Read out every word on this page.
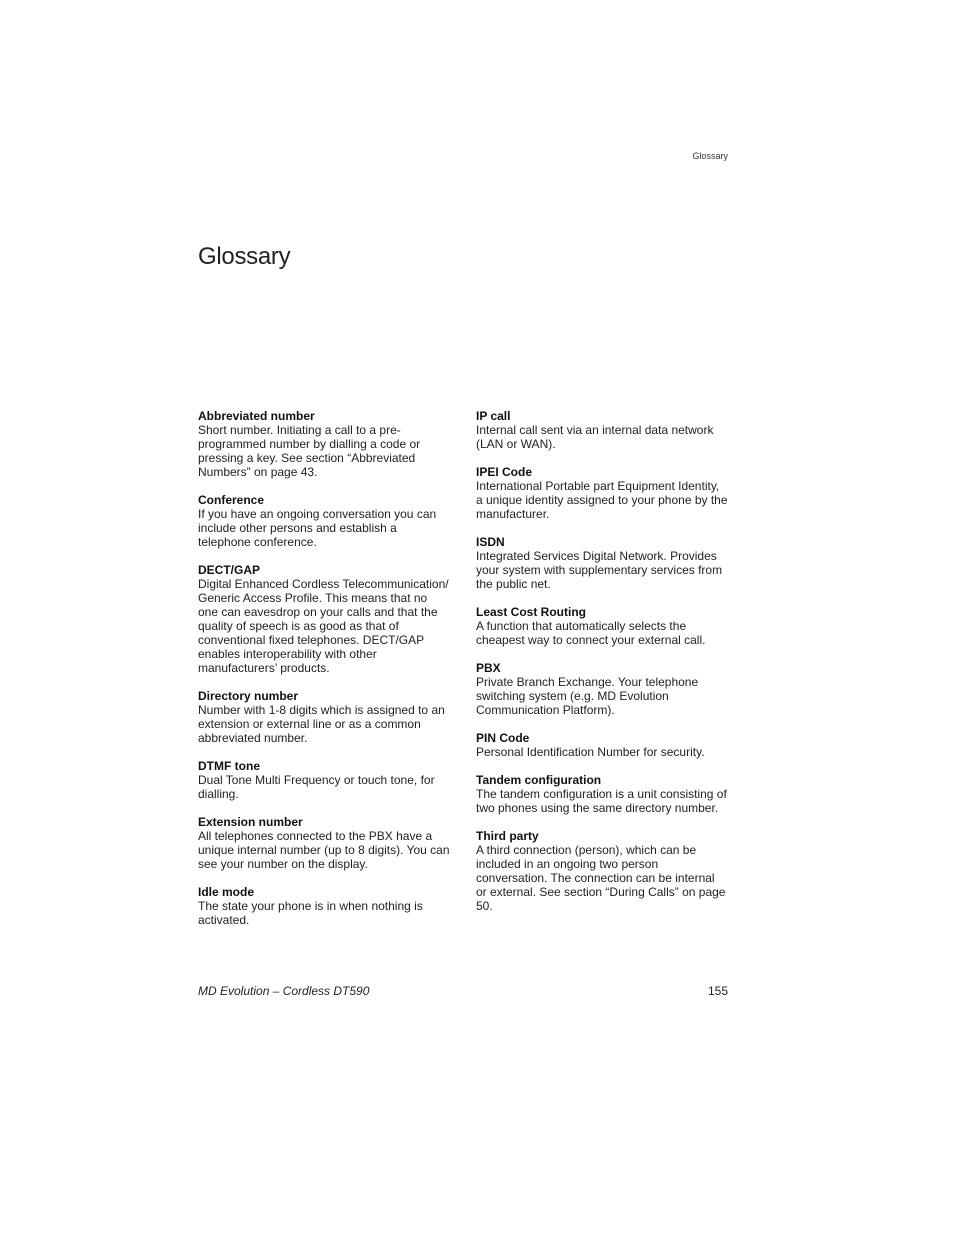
Glossary
Glossary
Abbreviated number
Short number. Initiating a call to a pre-programmed number by dialling a code or pressing a key. See section “Abbreviated Numbers” on page 43.
Conference
If you have an ongoing conversation you can include other persons and establish a telephone conference.
DECT/GAP
Digital Enhanced Cordless Telecommunication/ Generic Access Profile. This means that no one can eavesdrop on your calls and that the quality of speech is as good as that of conventional fixed telephones. DECT/GAP enables interoperability with other manufacturers’ products.
Directory number
Number with 1-8 digits which is assigned to an extension or external line or as a common abbreviated number.
DTMF tone
Dual Tone Multi Frequency or touch tone, for dialling.
Extension number
All telephones connected to the PBX have a unique internal number (up to 8 digits). You can see your number on the display.
Idle mode
The state your phone is in when nothing is activated.
IP call
Internal call sent via an internal data network (LAN or WAN).
IPEI Code
International Portable part Equipment Identity, a unique identity assigned to your phone by the manufacturer.
ISDN
Integrated Services Digital Network. Provides your system with supplementary services from the public net.
Least Cost Routing
A function that automatically selects the cheapest way to connect your external call.
PBX
Private Branch Exchange. Your telephone switching system (e.g. MD Evolution Communication Platform).
PIN Code
Personal Identification Number for security.
Tandem configuration
The tandem configuration is a unit consisting of two phones using the same directory number.
Third party
A third connection (person), which can be included in an ongoing two person conversation. The connection can be internal or external. See section “During Calls” on page 50.
MD Evolution – Cordless DT590	155
